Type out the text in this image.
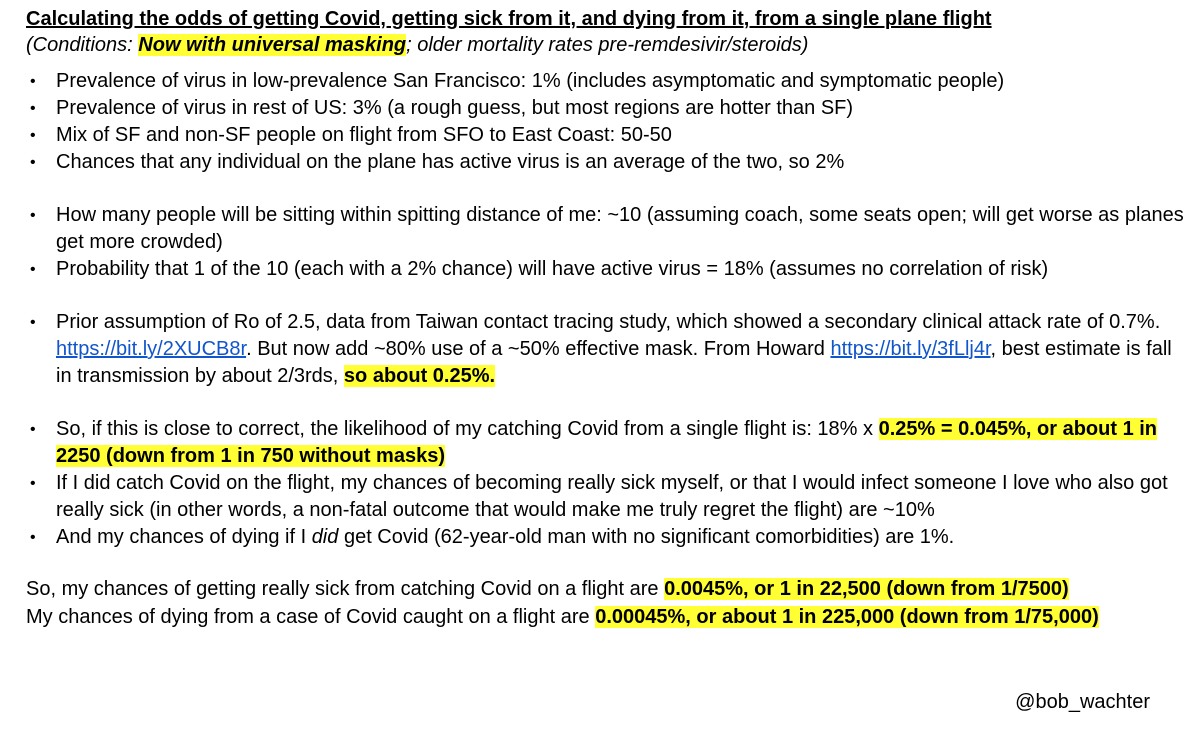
Calculating the odds of getting Covid, getting sick from it, and dying from it, from a single plane flight

(Conditions: Now with universal masking; older mortality rates pre-remdesivir/steroids)

• Prevalence of virus in low-prevalence San Francisco: 1% (includes asymptomatic and symptomatic people)
• Prevalence of virus in rest of US: 3% (a rough guess, but most regions are hotter than SF)
• Mix of SF and non-SF people on flight from SFO to East Coast: 50-50
• Chances that any individual on the plane has active virus is an average of the two, so 2%
• How many people will be sitting within spitting distance of me: ~10 (assuming coach, some seats open; will get worse as planes get more crowded)
• Probability that 1 of the 10 (each with a 2% chance) will have active virus = 18% (assumes no correlation of risk)
• Prior assumption of Ro of 2.5, data from Taiwan contact tracing study, which showed a secondary clinical attack rate of 0.7%. https://bit.ly/2XUCB8r. But now add ~80% use of a ~50% effective mask. From Howard https://bit.ly/3fLlj4r, best estimate is fall in transmission by about 2/3rds, so about 0.25%.
• So, if this is close to correct, the likelihood of my catching Covid from a single flight is: 18% x 0.25% = 0.045%, or about 1 in 2250 (down from 1 in 750 without masks)
• If I did catch Covid on the flight, my chances of becoming really sick myself, or that I would infect someone I love who also got really sick (in other words, a non-fatal outcome that would make me truly regret the flight) are ~10%
• And my chances of dying if I did get Covid (62-year-old man with no significant comorbidities) are 1%.

So, my chances of getting really sick from catching Covid on a flight are 0.0045%, or 1 in 22,500 (down from 1/7500)

My chances of dying from a case of Covid caught on a flight are 0.00045%, or about 1 in 225,000 (down from 1/75,000)

@bob_wachter
